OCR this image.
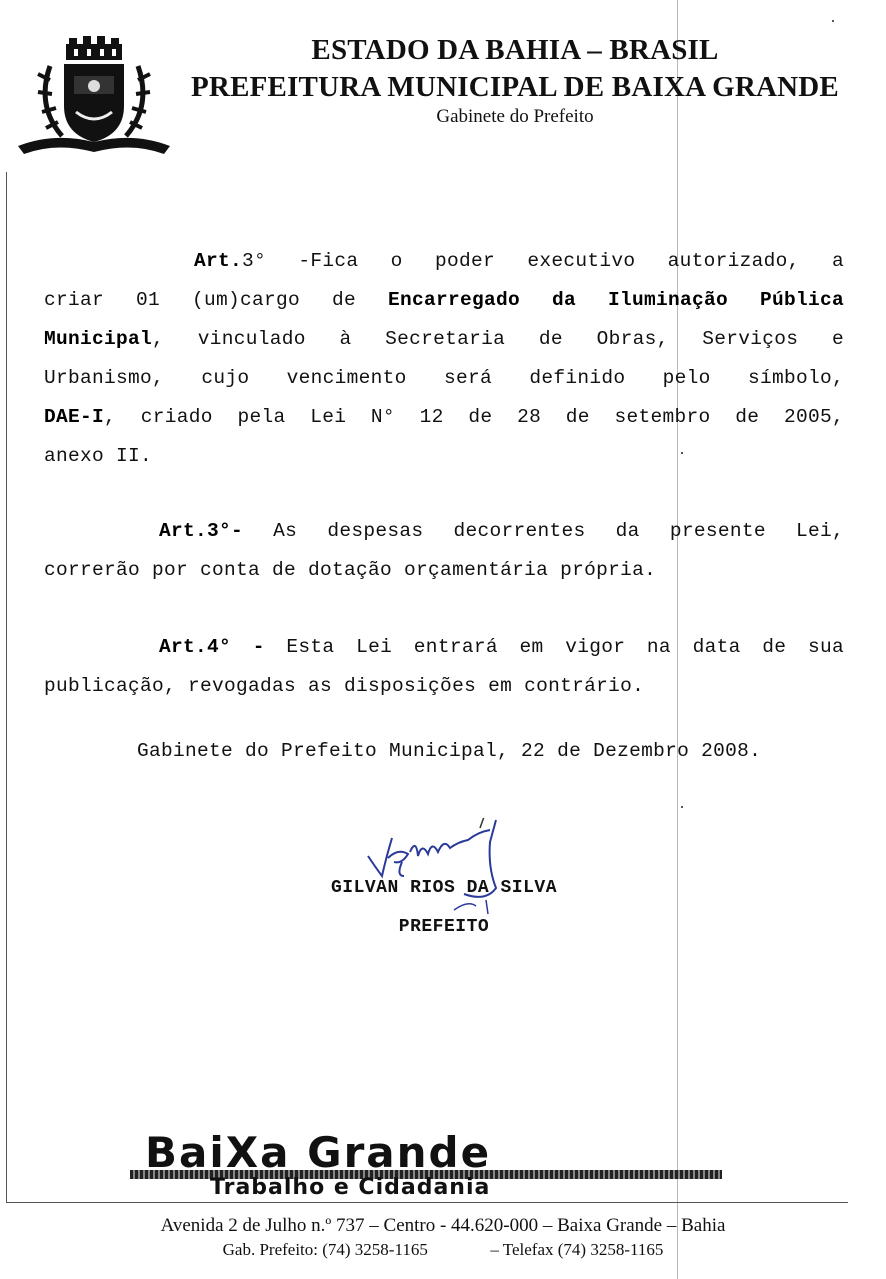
ESTADO DA BAHIA – BRASIL
PREFEITURA MUNICIPAL DE BAIXA GRANDE
Gabinete do Prefeito
Art.3° -Fica o poder executivo autorizado, a
criar 01 (um)cargo de Encarregado da Iluminação Pública
Municipal, vinculado à Secretaria de Obras, Serviços e
Urbanismo, cujo vencimento será definido pelo símbolo,
DAE-I, criado pela Lei N° 12 de 28 de setembro de 2005,
anexo II.
Art.3°- As despesas decorrentes da presente Lei,
correrão por conta de dotação orçamentária própria.
Art.4° - Esta Lei entrará em vigor na data de sua
publicação, revogadas as disposições em contrário.
Gabinete do Prefeito Municipal, 22 de Dezembro 2008.
GILVAN RIOS DA SILVA
PREFEITO
BaiXa Grande
Trabalho e Cidadania
Avenida 2 de Julho n.º 737 – Centro - 44.620-000 – Baixa Grande – Bahia
Gab. Prefeito: (74) 3258-1165	– Telefax (74) 3258-1165
